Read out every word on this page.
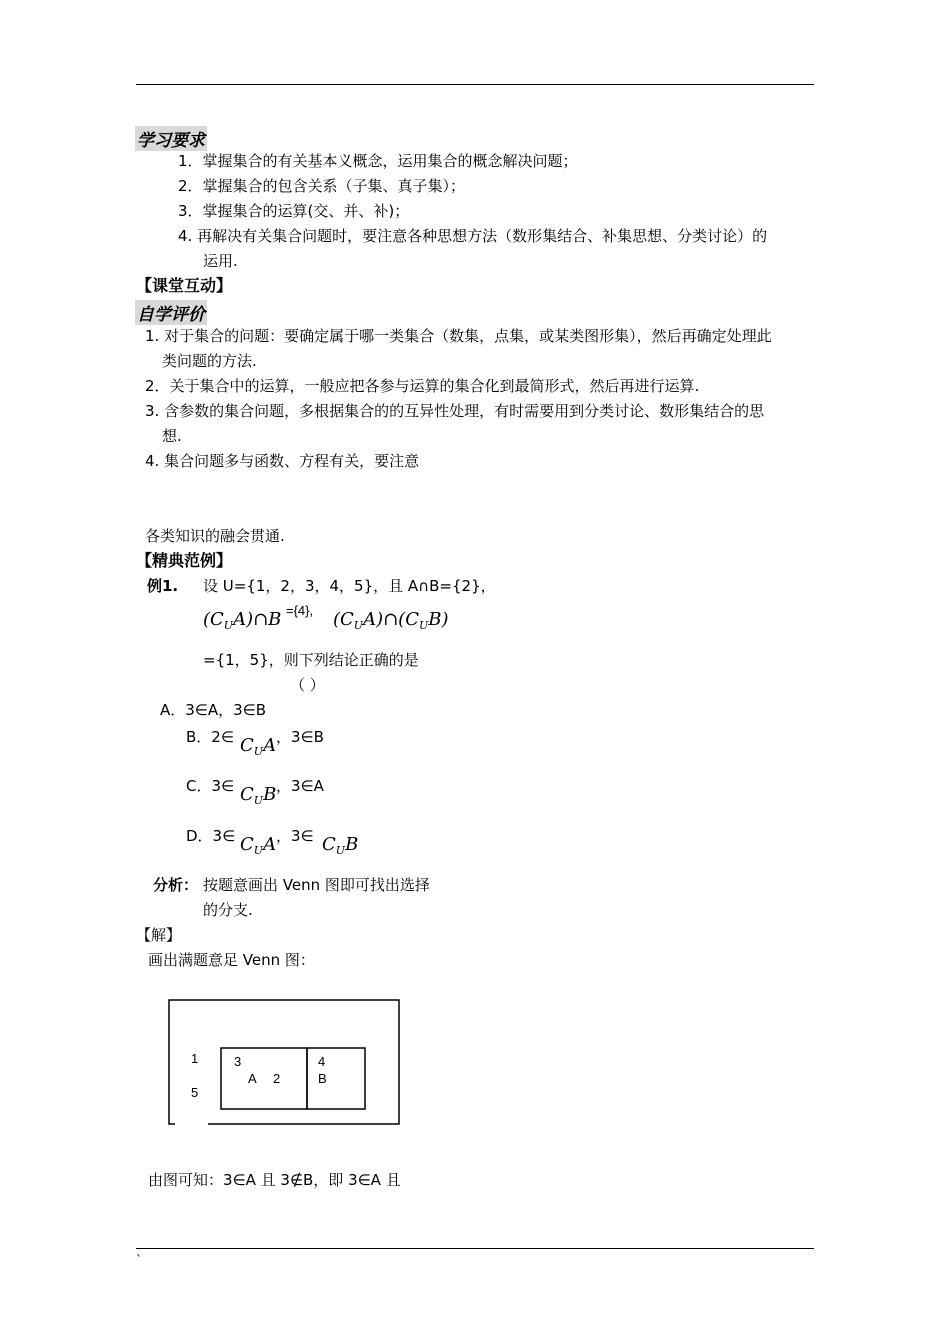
学习要求
1．掌握集合的有关基本义概念，运用集合的概念解决问题；
2．掌握集合的包含关系（子集、真子集）；
3．掌握集合的运算(交、并、补)；
4. 再解决有关集合问题时，要注意各种思想方法（数形集结合、补集思想、分类讨论）的
运用.
【课堂互动】
自学评价
1. 对于集合的问题：要确定属于哪一类集合（数集，点集，或某类图形集），然后再确定处理此
类问题的方法.
2．关于集合中的运算，一般应把各参与运算的集合化到最简形式，然后再进行运算.
3. 含参数的集合问题，多根据集合的的互异性处理，有时需要用到分类讨论、数形集结合的思
想.
4. 集合问题多与函数、方程有关，要注意
各类知识的融会贯通.
【精典范例】
例1. 设 U={1，2，3，4，5}，且 A∩B={2}，
$(C_UA)\cap B =\{4\}$, $(C_UA)\cap(C_UB)$
={1，5}，则下列结论正确的是
（ ）
A．3∈A，3∈B
B．2∈ $C_UA$ ，3∈B
C．3∈ $C_UB$ ，3∈A
D．3∈ $C_UA$ ，3∈ $C_UB$
分析： 按题意画出 Venn 图即可找出选择
的分支.
【解】
画出满题意足 Venn 图：
1
5
3
A 2
4
B
由图可知：3∈A 且 3∉B，即 3∈A 且
`
